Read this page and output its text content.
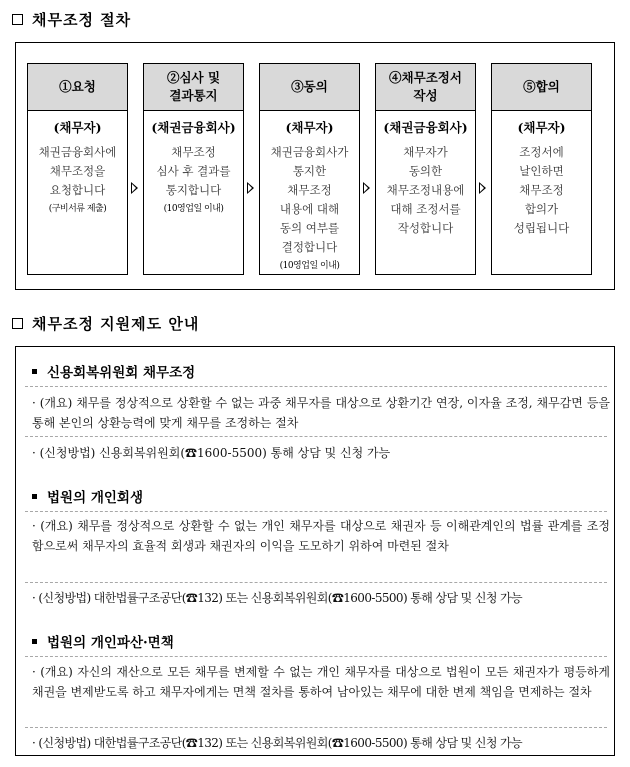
채무조정 절차
①요청
(채무자)
채권금융회사에
채무조정을
요청합니다
(구비서류 제출)
②심사 및
결과통지
(채권금융회사)
채무조정
심사 후 결과를
통지합니다
(10영업일 이내)
③동의
(채무자)
채권금융회사가
통지한
채무조정
내용에 대해
동의 여부를
결정합니다
(10영업일 이내)
④채무조정서
작성
(채권금융회사)
채무자가
동의한
채무조정내용에
대해 조정서를
작성합니다
⑤합의
(채무자)
조정서에
날인하면
채무조정
합의가
성립됩니다
채무조정 지원제도 안내
신용회복위원회 채무조정
· (개요) 채무를 정상적으로 상환할 수 없는 과중 채무자를 대상으로 상환기간 연장, 이자율 조정, 채무감면 등을 통해 본인의 상환능력에 맞게 채무를 조정하는 절차
· (신청방법) 신용회복위원회(☎1600-5500) 통해 상담 및 신청 가능
법원의 개인회생
· (개요) 채무를 정상적으로 상환할 수 없는 개인 채무자를 대상으로 채권자 등 이해관계인의 법률 관계를 조정함으로써 채무자의 효율적 회생과 채권자의 이익을 도모하기 위하여 마련된 절차
· (신청방법) 대한법률구조공단(☎132) 또는 신용회복위원회(☎1600-5500) 통해 상담 및 신청 가능
법원의 개인파산·면책
· (개요) 자신의 재산으로 모든 채무를 변제할 수 없는 개인 채무자를 대상으로 법원이 모든 채권자가 평등하게 채권을 변제받도록 하고 채무자에게는 면책 절차를 통하여 남아있는 채무에 대한 변제 책임을 면제하는 절차
· (신청방법) 대한법률구조공단(☎132) 또는 신용회복위원회(☎1600-5500) 통해 상담 및 신청 가능
